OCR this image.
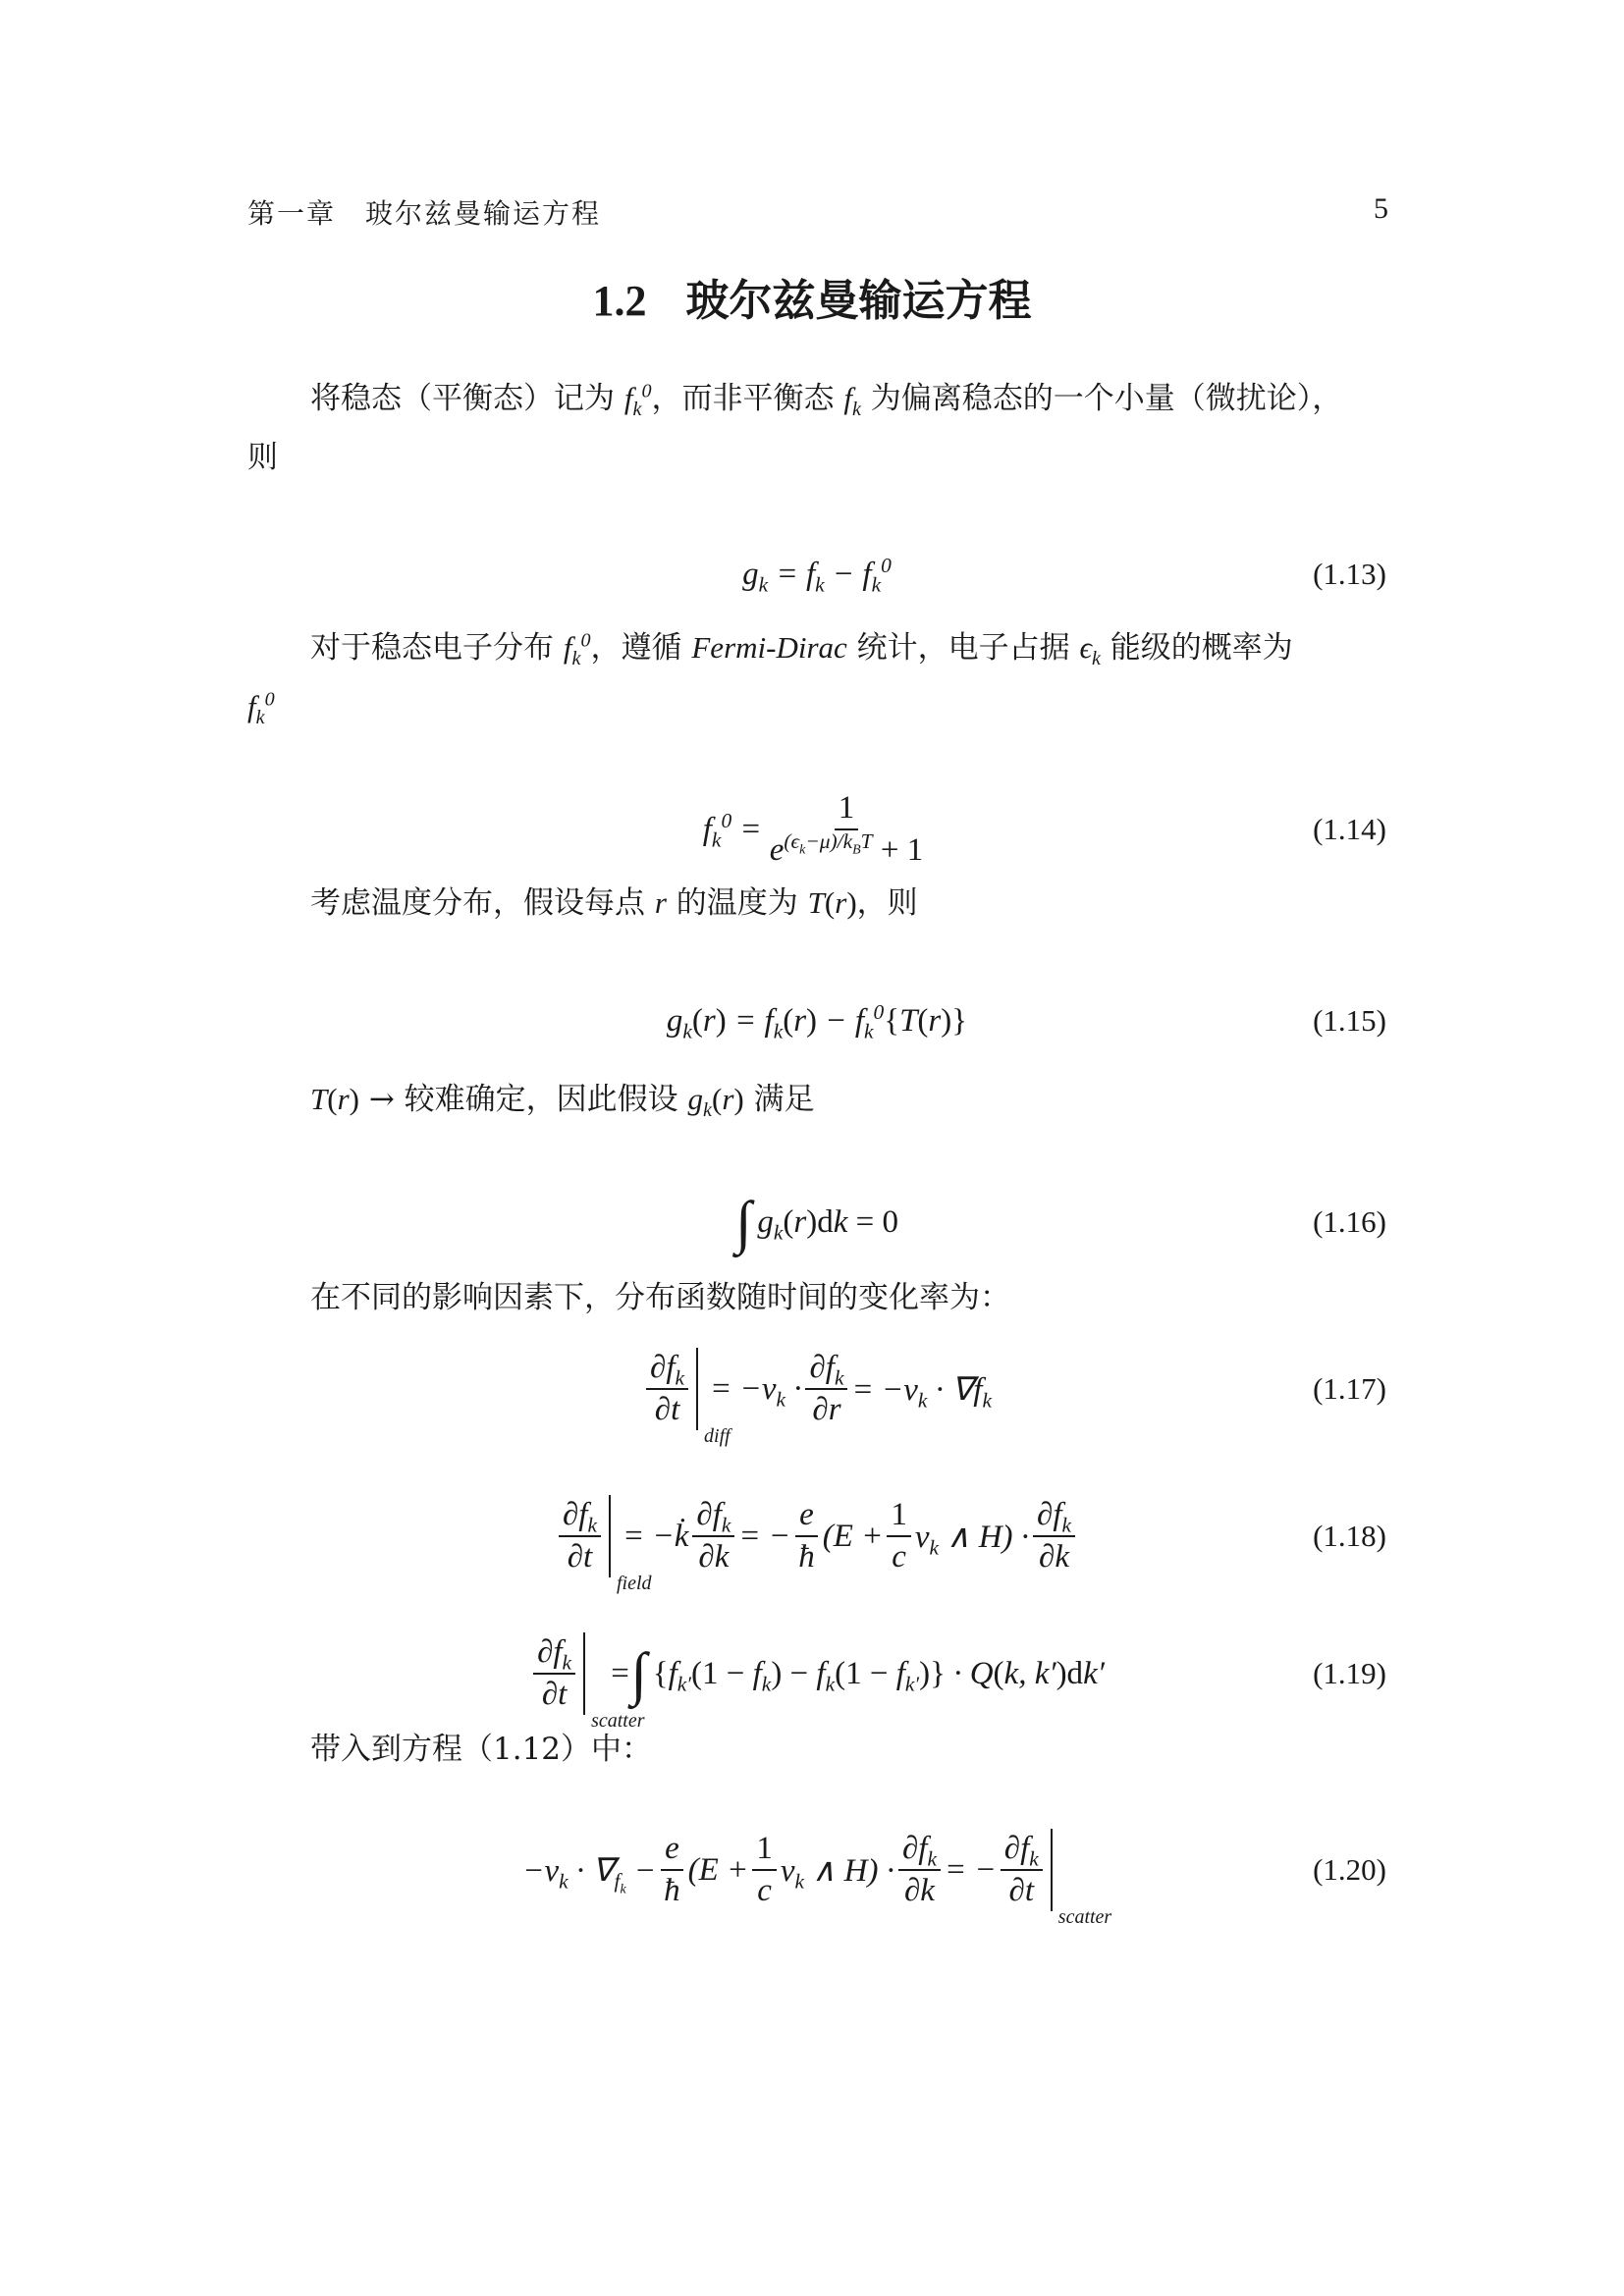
第一章　玻尔兹曼输运方程	5
1.2 玻尔兹曼输运方程
将稳态（平衡态）记为 $f_k^0$，而非平衡态 $f_k$ 为偏离稳态的一个小量（微扰论），
则
$g_k = f_k - f_k^0$	(1.13)
对于稳态电子分布 $f_k^0$，遵循 Fermi-Dirac 统计，电子占据 $\epsilon_k$ 能级的概率为
$f_k^0$
$f_k^0 = \frac{1}{e^{(\epsilon_k-\mu)/k_BT} + 1}$	(1.14)
考虑温度分布，假设每点 r 的温度为 T(r)，则
$g_k(r) = f_k(r) - f_k^0\{T(r)\}$	(1.15)
T(r) → 较难确定，因此假设 $g_k(r)$ 满足
∫ $g_k(r)dk = 0$	(1.16)
在不同的影响因素下，分布函数随时间的变化率为：
$\frac{\partial f_k}{\partial t}$
diff
= $-v_k \cdot \frac{\partial f_k}{\partial r} = -v_k \cdot \nabla f_k$	(1.17)
$\frac{\partial f_k}{\partial t}$
field
= −k̇ $\frac{\partial f_k}{\partial k}$ = − $\frac{e}{ħ} (E + \frac{1}{c} v_k$ ∧ $H) \cdot \frac{\partial f_k}{\partial k}$	(1.18)
$\frac{\partial f_k}{\partial t}$
scatter
= ∫ $\{f_{k'}(1 - f_k) - f_k(1 - f_{k'})\} \cdot Q(k$, k′)dk′	(1.19)
带入到方程（1.12）中：
$-v_k \cdot \nabla_{f_k} - \frac{e}{ħ} (E + \frac{1}{c} v_k$ ∧ $H) \cdot \frac{\partial f_k}{\partial k}$ = − $\frac{\partial f_k}{\partial t}$
scatter
(1.20)
